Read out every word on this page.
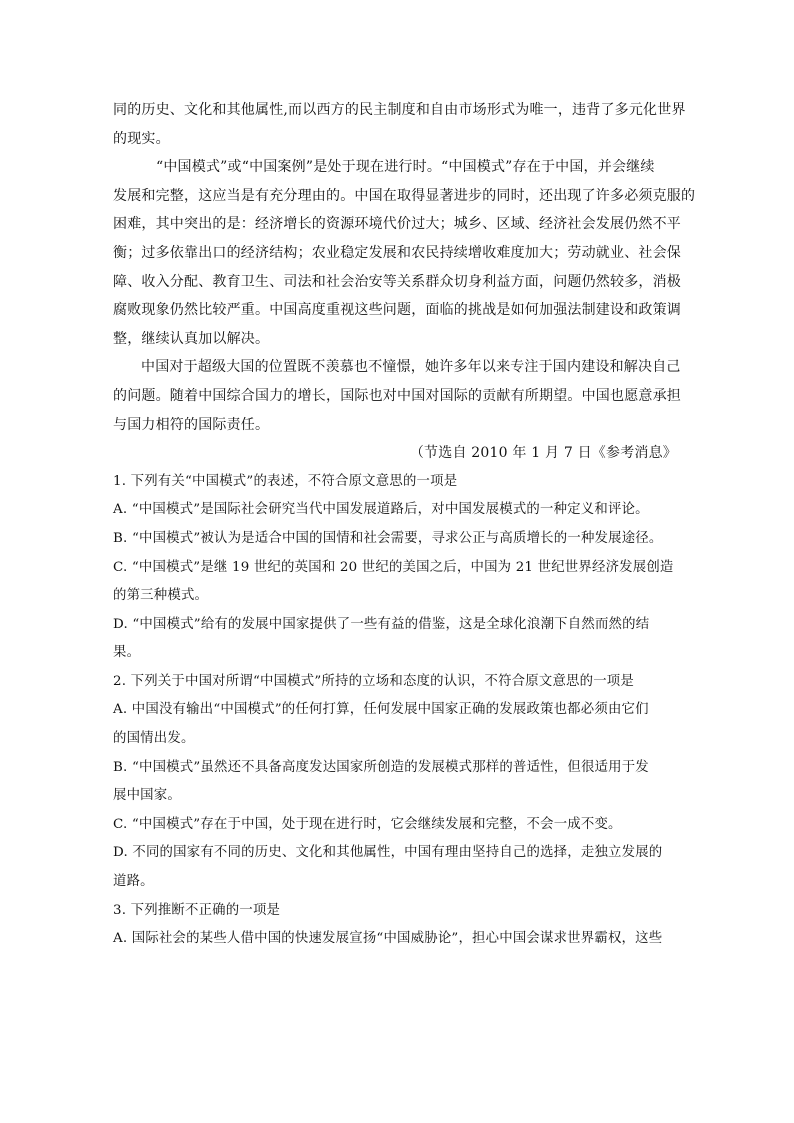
同的历史、文化和其他属性,而以西方的民主制度和自由市场形式为唯一，违背了多元化世界
的现实。
“中国模式”或“中国案例”是处于现在进行时。“中国模式”存在于中国，并会继续
发展和完整，这应当是有充分理由的。中国在取得显著进步的同时，还出现了许多必须克服的
困难，其中突出的是：经济增长的资源环境代价过大；城乡、区域、经济社会发展仍然不平
衡；过多依靠出口的经济结构；农业稳定发展和农民持续增收难度加大；劳动就业、社会保
障、收入分配、教育卫生、司法和社会治安等关系群众切身利益方面，问题仍然较多，消极
腐败现象仍然比较严重。中国高度重视这些问题，面临的挑战是如何加强法制建设和政策调
整，继续认真加以解决。
中国对于超级大国的位置既不羡慕也不憧憬，她许多年以来专注于国内建设和解决自己
的问题。随着中国综合国力的增长，国际也对中国对国际的贡献有所期望。中国也愿意承担
与国力相符的国际责任。
（节选自 2010 年 1 月 7 日《参考消息》
1. 下列有关“中国模式”的表述，不符合原文意思的一项是
A. “中国模式”是国际社会研究当代中国发展道路后，对中国发展模式的一种定义和评论。
B. “中国模式”被认为是适合中国的国情和社会需要，寻求公正与高质增长的一种发展途径。
C. “中国模式”是继 19 世纪的英国和 20 世纪的美国之后，中国为 21 世纪世界经济发展创造
的第三种模式。
D. “中国模式”给有的发展中国家提供了一些有益的借鉴，这是全球化浪潮下自然而然的结
果。
2. 下列关于中国对所谓“中国模式”所持的立场和态度的认识，不符合原文意思的一项是
A. 中国没有输出“中国模式”的任何打算，任何发展中国家正确的发展政策也都必须由它们
的国情出发。
B. “中国模式”虽然还不具备高度发达国家所创造的发展模式那样的普适性，但很适用于发
展中国家。
C. “中国模式”存在于中国，处于现在进行时，它会继续发展和完整，不会一成不变。
D. 不同的国家有不同的历史、文化和其他属性，中国有理由坚持自己的选择，走独立发展的
道路。
3. 下列推断不正确的一项是
A. 国际社会的某些人借中国的快速发展宣扬“中国威胁论”，担心中国会谋求世界霸权，这些
